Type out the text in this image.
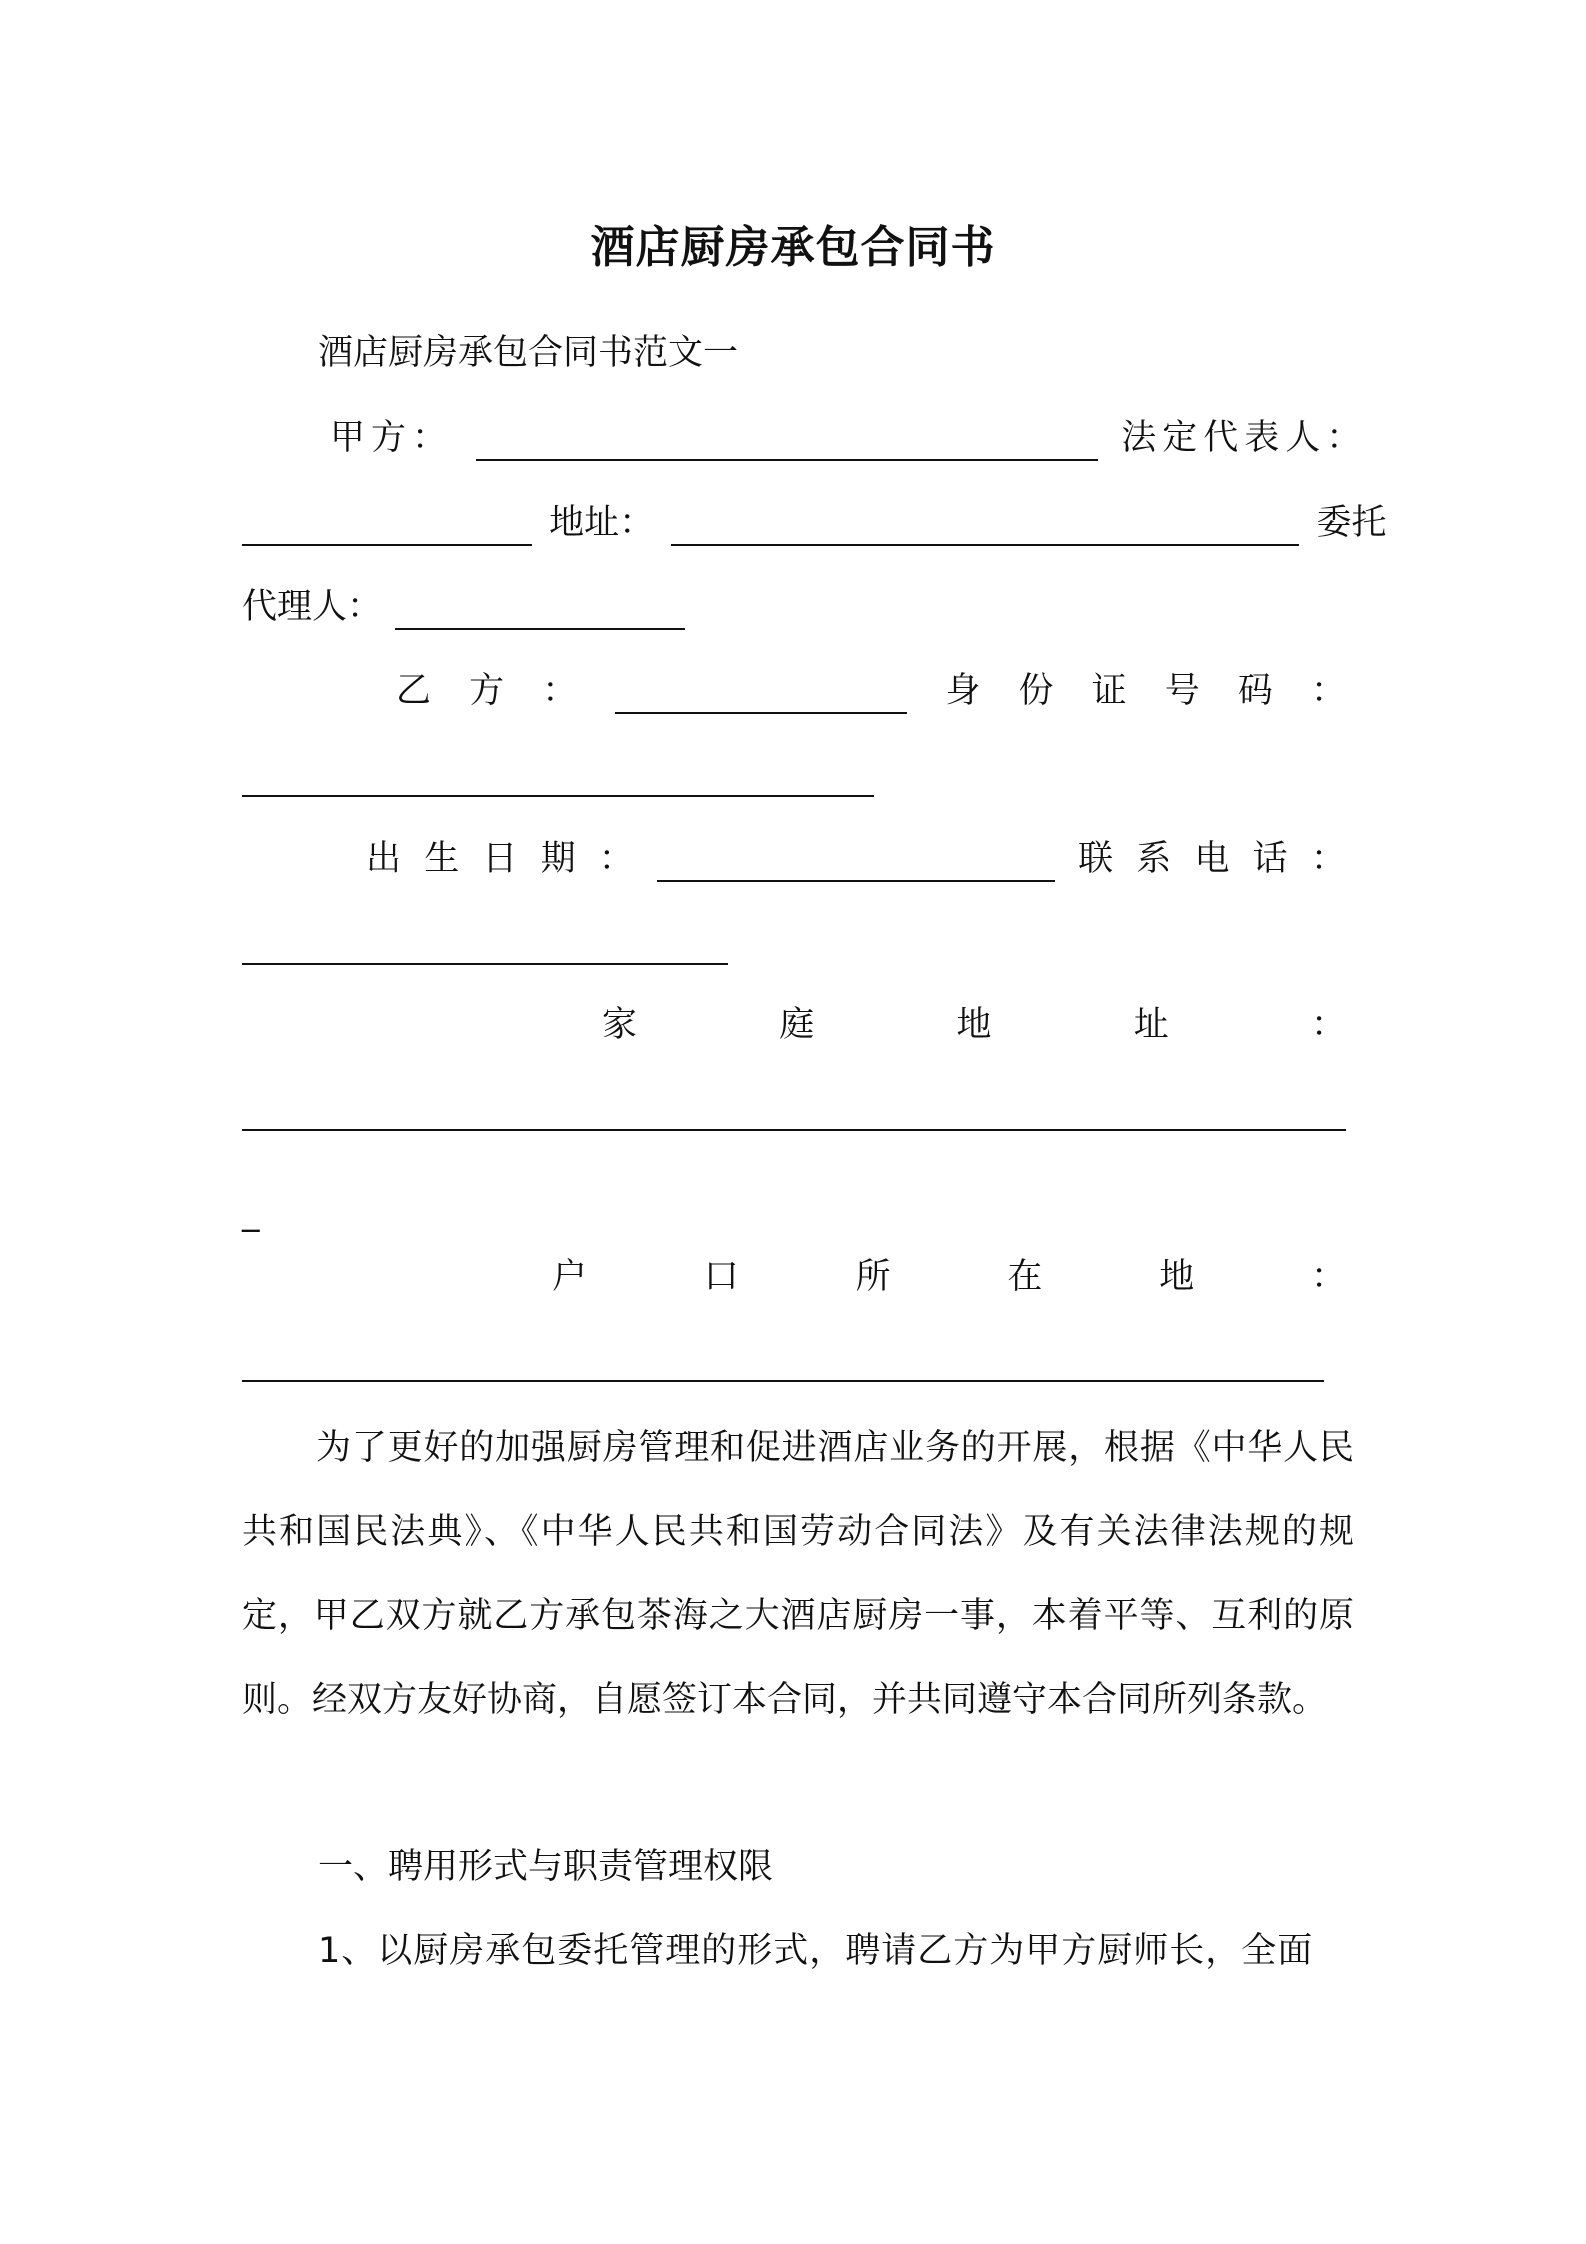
酒店厨房承包合同书
酒店厨房承包合同书范文一
甲方：	法定代表人：
地址：	委托
代理人：
乙 方 ：	身 份 证 号 码 ：
出 生 日 期 ：	联 系 电 话 ：
家	庭	地	址	：
_
户	口	所	在	地	：

为了更好的加强厨房管理和促进酒店业务的开展，根据《中华人民共和国民法典》、《中华人民共和国劳动合同法》及有关法律法规的规定，甲乙双方就乙方承包茶海之大酒店厨房一事，本着平等、互利的原则。经双方友好协商，自愿签订本合同，并共同遵守本合同所列条款。

一、聘用形式与职责管理权限
1、以厨房承包委托管理的形式，聘请乙方为甲方厨师长，全面
